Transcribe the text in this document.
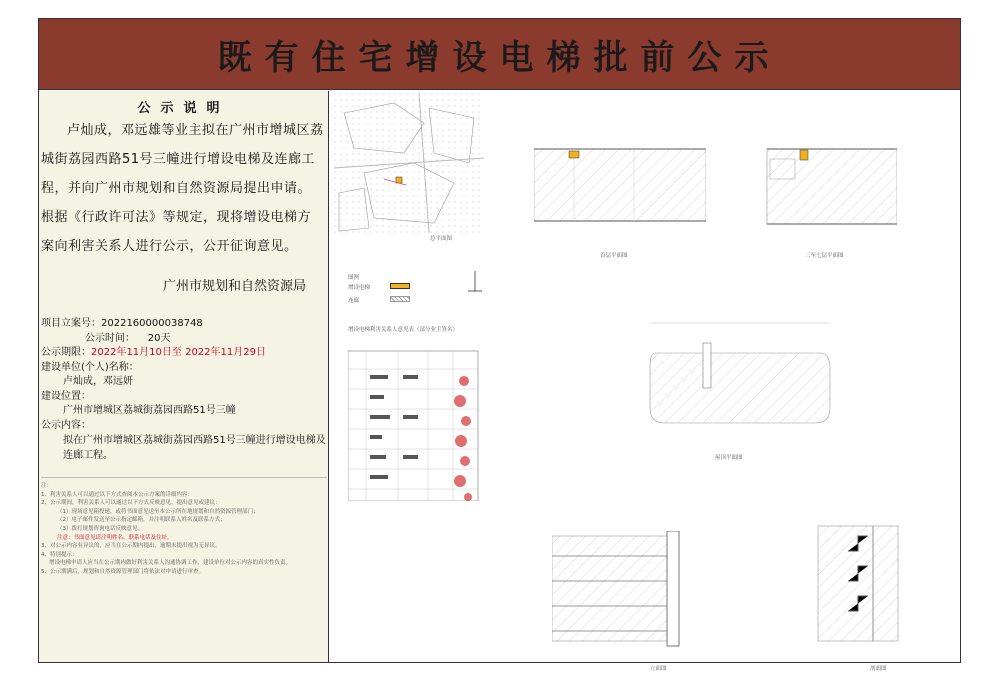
既有住宅增设电梯批前公示
公示说明
卢灿成，邓远雄等业主拟在广州市增城区荔城街荔园西路51号三幢进行增设电梯及连廊工程，并向广州市规划和自然资源局提出申请。根据《行政许可法》等规定，现将增设电梯方案向利害关系人进行公示，公开征询意见。
广州市规划和自然资源局
项目立案号：2022160000038748
公示时间： 20天
公示期限：2022年11月10日至 2022年11月29日
建设单位(个人)名称：
卢灿成，邓远妍
建设位置：
广州市增城区荔城街荔园西路51号三幢
公示内容：
拟在广州市增城区荔城街荔园西路51号三幢进行增设电梯及连廊工程。
注：
1、利害关系人可以通过以下方式查阅本公示方案的详细内容：
2、公示期间，利害关系人可以通过以下方式反映意见、提出意见或建议：
（1）现场意见箱投递，或将书面意见送至本公示所在地规划和自然资源管理部门；
（2）电子邮件发送至公示指定邮箱，并注明联系人姓名及联系方式；
（3）拨打规划咨询电话反映意见。
注意：书面意见请注明姓名、联系电话及住址。
3、对公示内容有异议的，应当在公示期内提出，逾期未提出视为无异议。
4、特别提示：
增设电梯申请人应当在公示期内做好利害关系人沟通协调工作，建设单位对公示内容的真实性负责。
5、公示期满后，规划和自然资源管理部门将依法对申请进行审查。
总平面图
图例
增设电梯
连廊
首层平面图	二至七层平面图
增设电梯利害关系人意见表（部分业主签名）
屋顶平面图
立面图	剖面图
